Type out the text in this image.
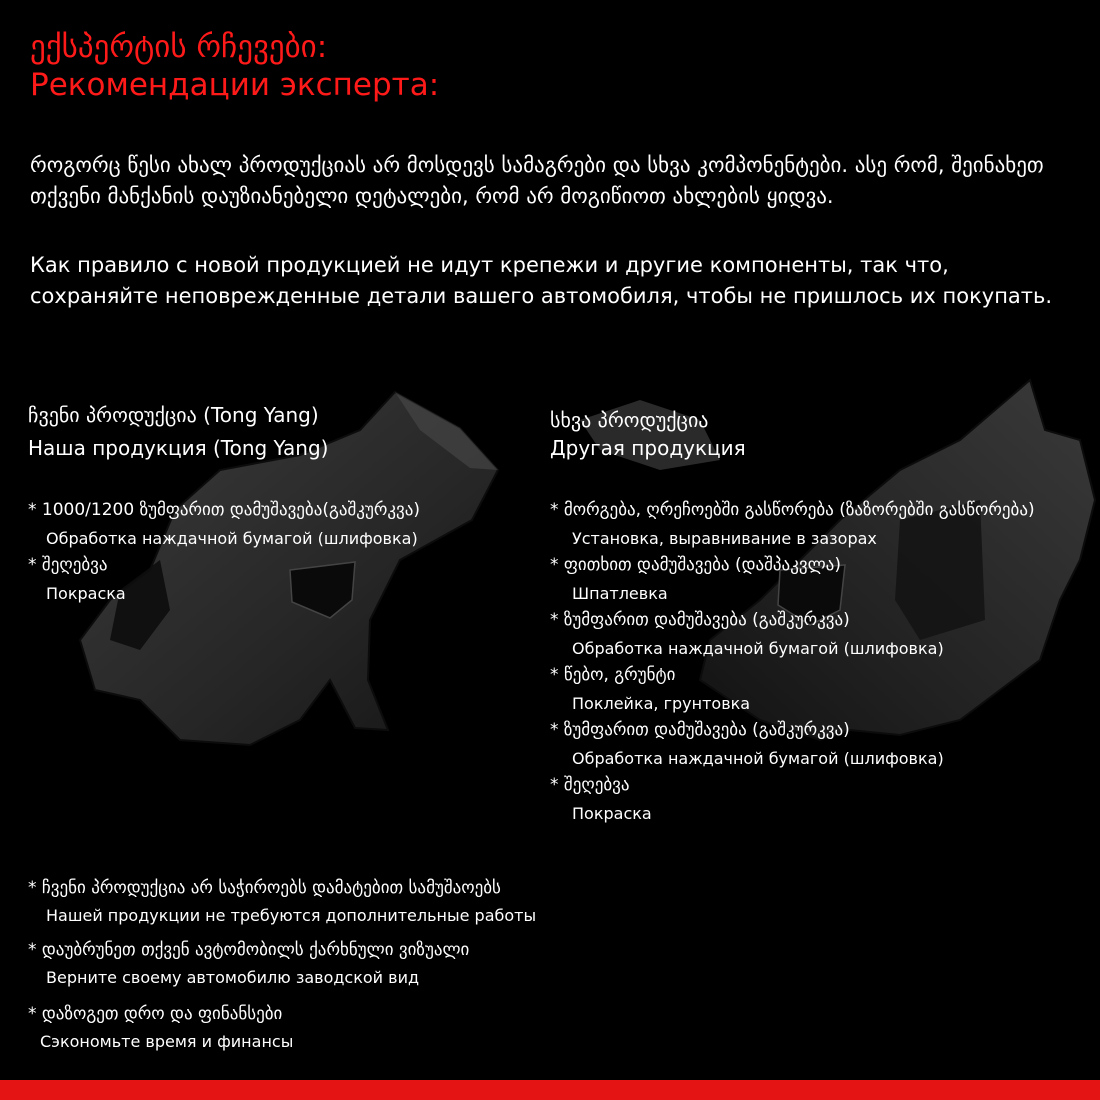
ექსპერტის რჩევები:
Рекомендации эксперта:
როგორც წესი ახალ პროდუქციას არ მოსდევს სამაგრები და სხვა კომპონენტები. ასე რომ, შეინახეთ თქვენი მანქანის დაუზიანებელი დეტალები, რომ არ მოგიწიოთ ახლების ყიდვა.
Как правило с новой продукцией не идут крепежи и другие компоненты, так что, сохраняйте неповрежденные детали вашего автомобиля, чтобы не пришлось их покупать.
ჩვენი პროდუქცია (Tong Yang)
Наша продукция (Tong Yang)
* 1000/1200 ზუმფარით დამუშავება(გაშკურკვა)
Обработка наждачной бумагой (шлифовка)
* შეღებვა
Покраска
სხვა პროდუქცია
Другая продукция
* მორგება, ღრეჩოებში გასწორება (ზაზორებში გასწორება)
Установка, выравнивание в зазорах
* ფითხით დამუშავება (დაშპაკვლა)
Шпатлевка
* ზუმფარით დამუშავება (გაშკურკვა)
Обработка наждачной бумагой (шлифовка)
* წებო, გრუნტი
Поклейка, грунтовка
* ზუმფარით დამუშავება (გაშკურკვა)
Обработка наждачной бумагой (шлифовка)
* შეღებვა
Покраска
* ჩვენი პროდუქცია არ საჭიროებს დამატებით სამუშაოებს
Нашей продукции не требуются дополнительные работы
* დაუბრუნეთ თქვენ ავტომობილს ქარხნული ვიზუალი
Верните своему автомобилю заводской вид
* დაზოგეთ დრო და ფინანსები
Сэкономьте время и финансы
